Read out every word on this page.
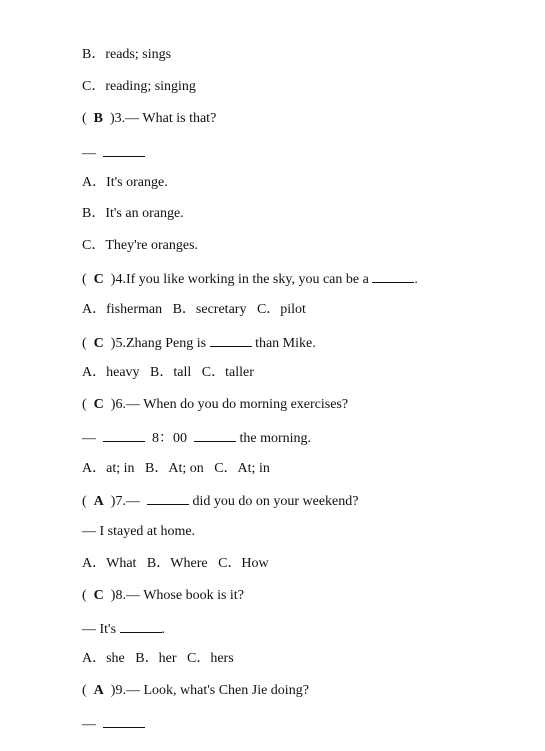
B．reads; sings
C．reading; singing
(  B  )3.— What is that?
—
A．It's orange.
B．It's an orange.
C．They're oranges.
(  C  )4.If you like working in the sky, you can be a	.
A．fisherman   B．secretary   C．pilot
(  C  )5.Zhang Peng is	than Mike.
A．heavy   B．tall   C．taller
(  C  )6.— When do you do morning exercises?
—	8：00	the morning.
A．at; in   B．At; on   C．At; in
(  A  )7.—	did you do on your weekend?
— I stayed at home.
A．What   B．Where   C．How
(  C  )8.— Whose book is it?
— It's	.
A．she   B．her   C．hers
(  A  )9.— Look, what's Chen Jie doing?
—
